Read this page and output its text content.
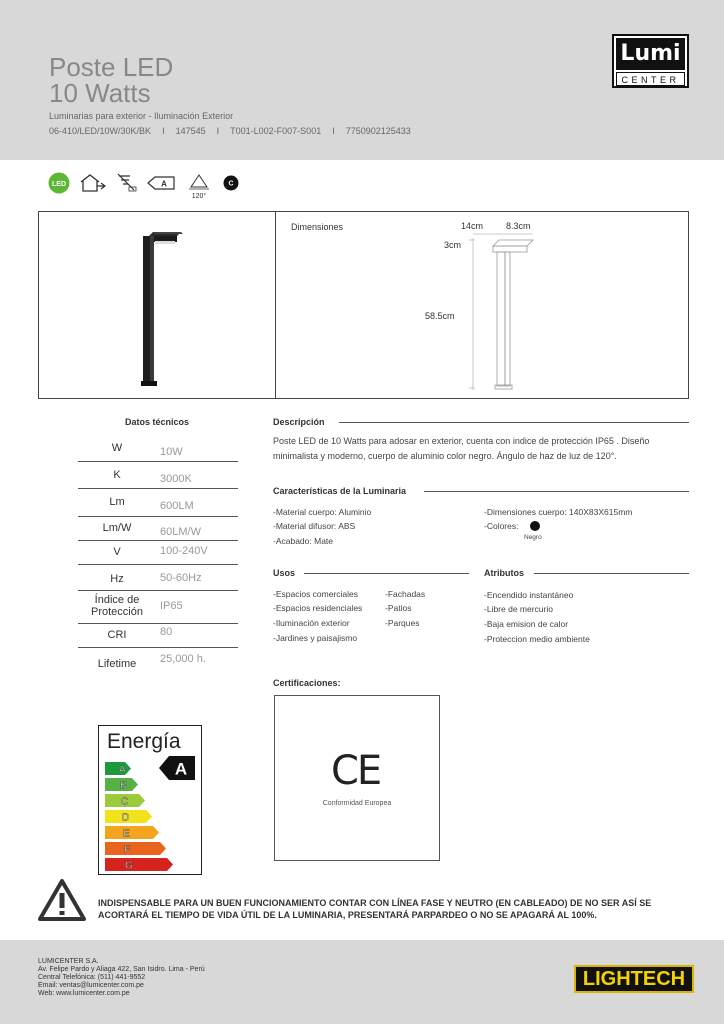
Poste LED
10 Watts
Luminarias para exterior - Iluminación Exterior
06-410/LED/10W/30K/BK I 147545 I T001-L002-F007-S001 I 7750902125433
Lumi
CENTER
LED	A
120°
C
Dimensiones	14cm	8.3cm
3cm
58.5cm
Datos técnicos
W	10W
K	3000K
Lm	600LM
Lm/W	60LM/W
V	100-240V
Hz	50-60Hz
Índice de Protección	IP65
CRI	80
Lifetime	25,000 h.
Descripción
Poste LED de 10 Watts para adosar en exterior, cuenta con indice de protección IP65 . Diseño minimalista y moderno, cuerpo de aluminio color negro. Ángulo de haz de luz de 120°.
Características de la Luminaria
-Material cuerpo: Aluminio
-Material difusor: ABS
-Acabado: Mate
-Dimensiones cuerpo: 140X83X615mm
-Colores:
Negro
Usos
-Espacios comerciales
-Espacios residenciales
-Iluminación exterior
-Jardines y paisajismo
-Fachadas
-Patios
-Parques
Atributos
-Encendido instantáneo
-Libre de mercurio
-Baja emision de calor
-Proteccion medio ambiente
Certificaciones:
CE
Conformidad Europea
Energía
A
B
C
D
E
F
G
A
INDISPENSABLE PARA UN BUEN FUNCIONAMIENTO CONTAR CON LÍNEA FASE Y NEUTRO (EN CABLEADO) DE NO SER ASÍ SE ACORTARÁ EL TIEMPO DE VIDA ÚTIL DE LA LUMINARIA, PRESENTARÁ PARPARDEO O NO SE APAGARÁ AL 100%.
LUMICENTER S.A.
Av. Felipe Pardo y Aliaga 422, San Isidro. Lima - Perú
Central Telefónica: (511) 441-9552
Email: ventas@lumicenter.com.pe
Web: www.lumicenter.com.pe
LIGHTECH
